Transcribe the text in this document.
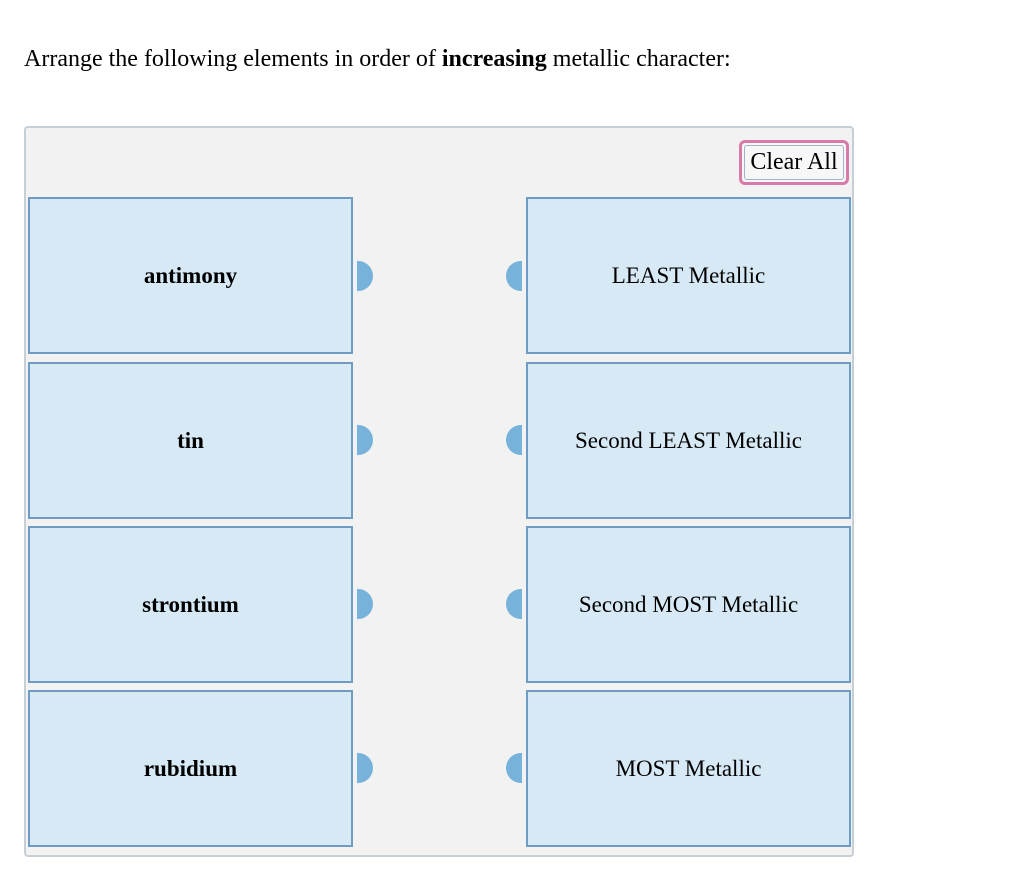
Arrange the following elements in order of increasing metallic character:
Clear All
antimony	LEAST Metallic
tin	Second LEAST Metallic
strontium	Second MOST Metallic
rubidium	MOST Metallic
